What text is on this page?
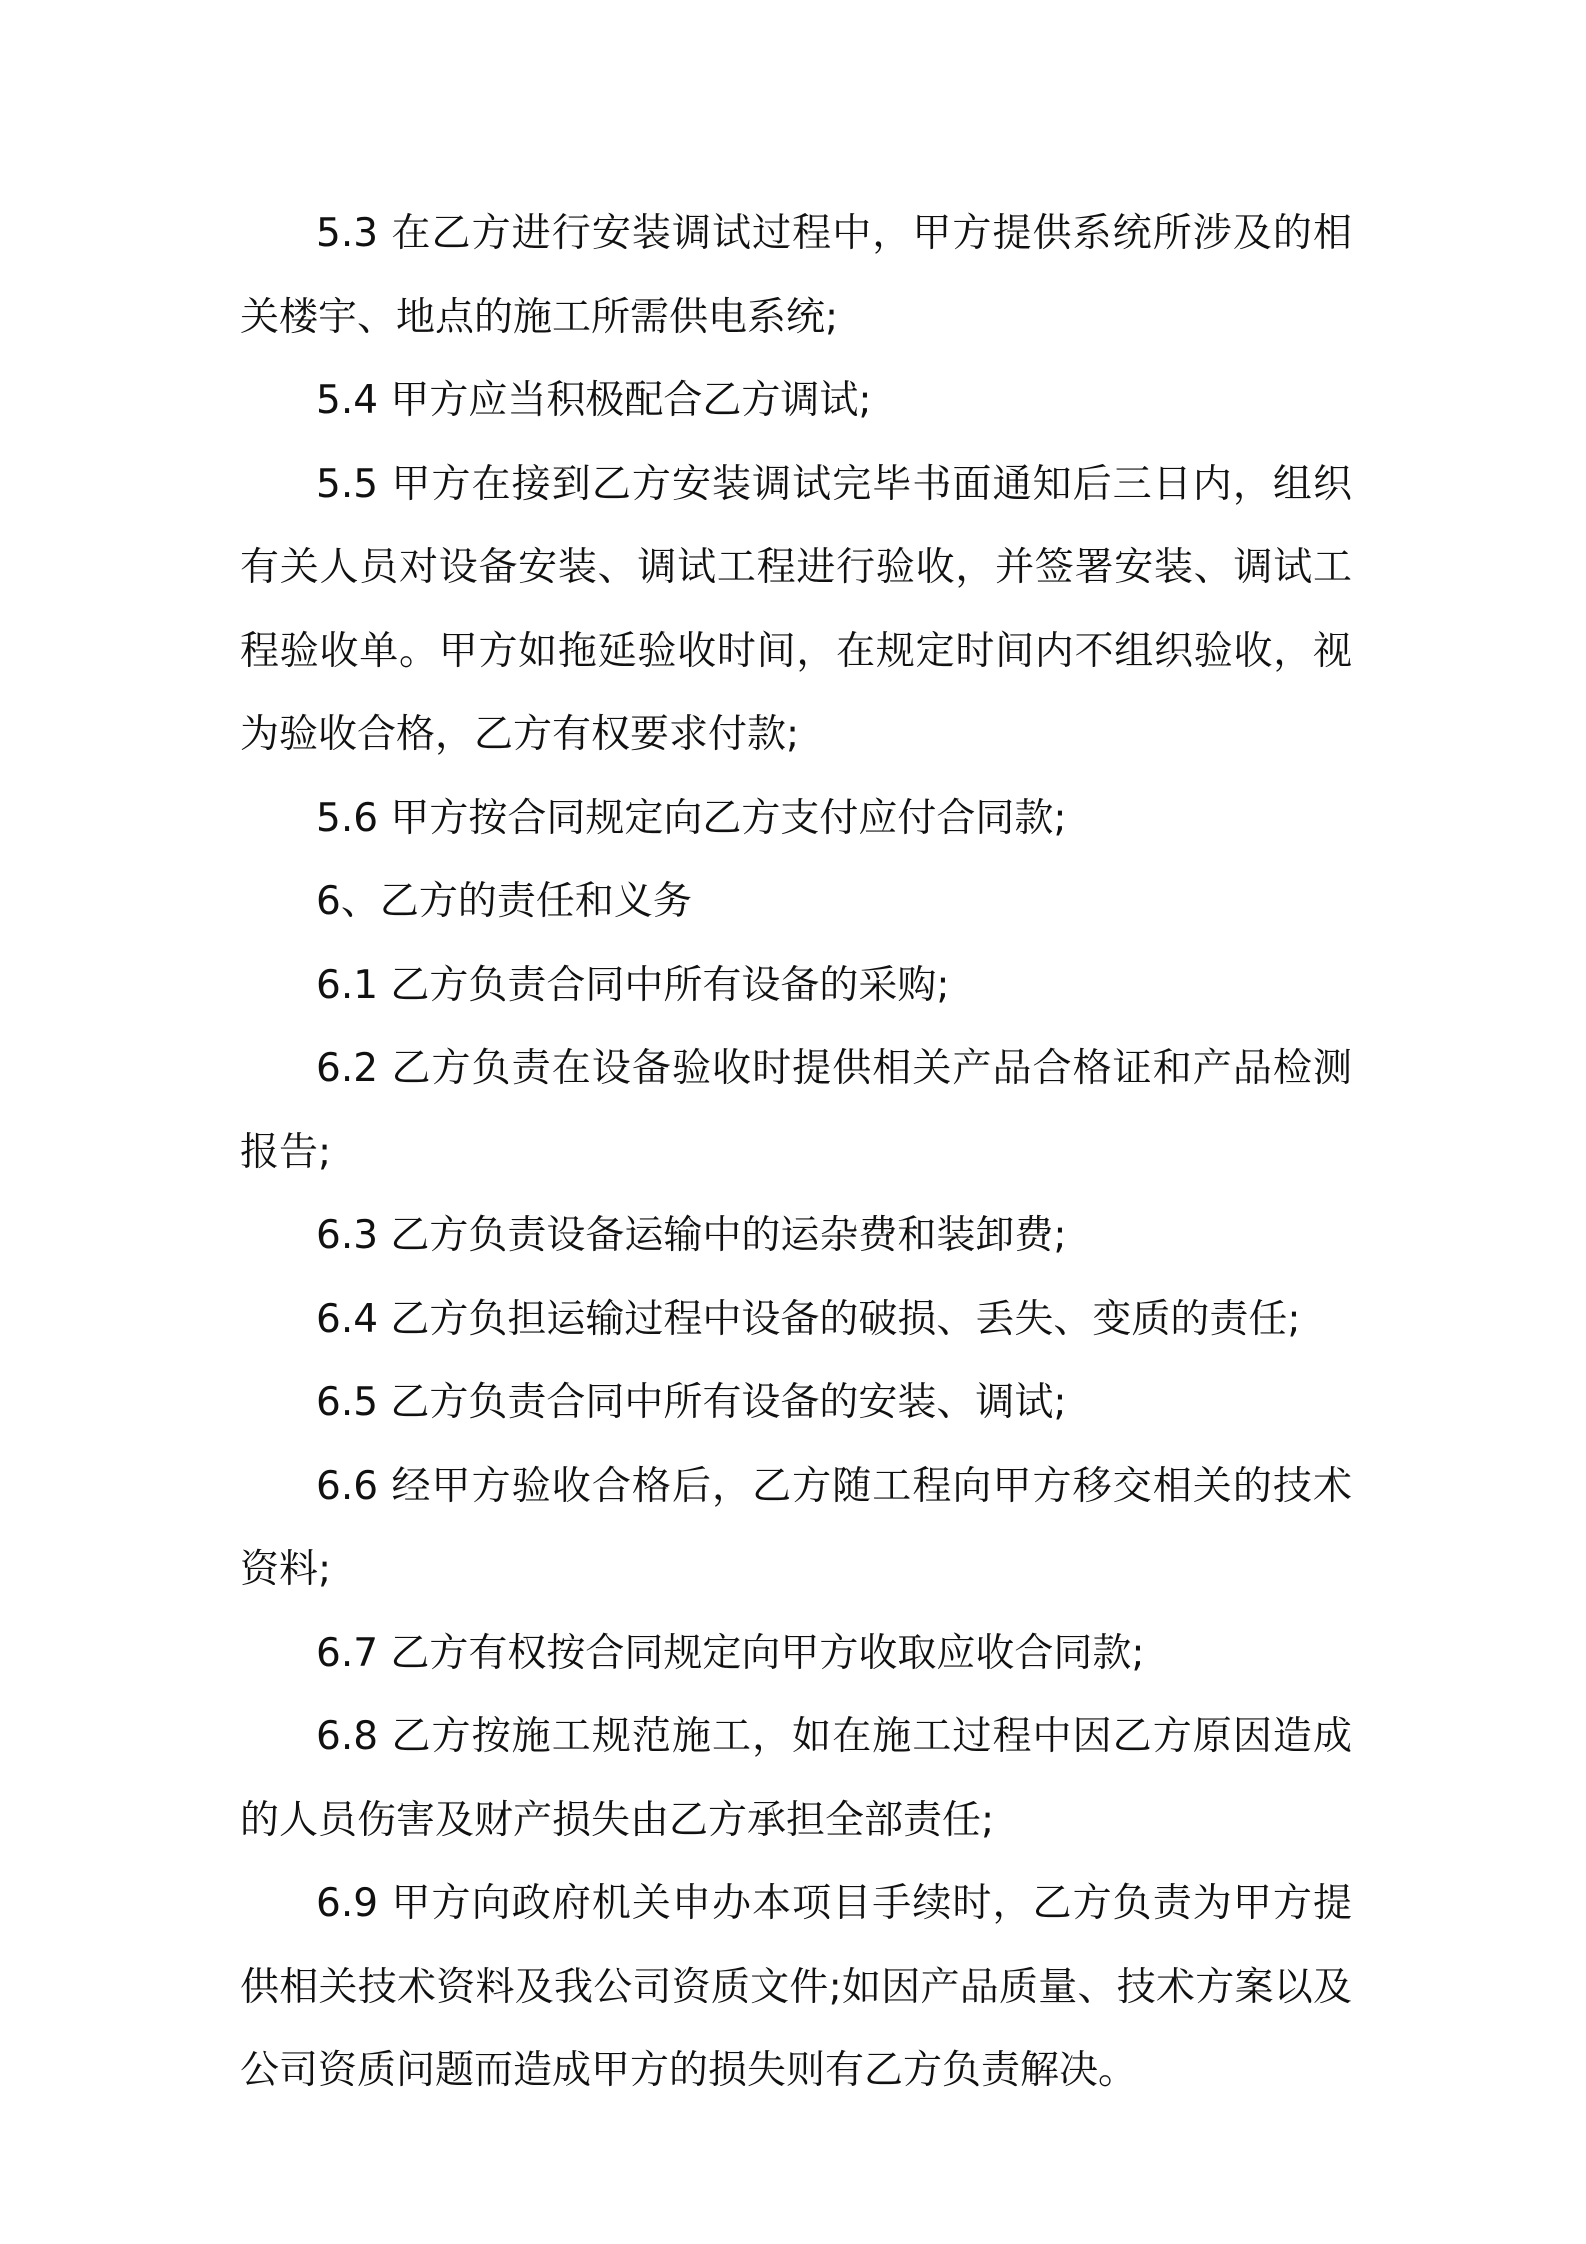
5.3 在乙方进行安装调试过程中，甲方提供系统所涉及的相关楼宇、地点的施工所需供电系统;

5.4 甲方应当积极配合乙方调试;

5.5 甲方在接到乙方安装调试完毕书面通知后三日内，组织有关人员对设备安装、调试工程进行验收，并签署安装、调试工程验收单。甲方如拖延验收时间，在规定时间内不组织验收，视为验收合格，乙方有权要求付款;

5.6 甲方按合同规定向乙方支付应付合同款;

6、乙方的责任和义务

6.1 乙方负责合同中所有设备的采购;

6.2 乙方负责在设备验收时提供相关产品合格证和产品检测报告;

6.3 乙方负责设备运输中的运杂费和装卸费;

6.4 乙方负担运输过程中设备的破损、丢失、变质的责任;

6.5 乙方负责合同中所有设备的安装、调试;

6.6 经甲方验收合格后，乙方随工程向甲方移交相关的技术资料;

6.7 乙方有权按合同规定向甲方收取应收合同款;

6.8 乙方按施工规范施工，如在施工过程中因乙方原因造成的人员伤害及财产损失由乙方承担全部责任;

6.9 甲方向政府机关申办本项目手续时，乙方负责为甲方提供相关技术资料及我公司资质文件;如因产品质量、技术方案以及公司资质问题而造成甲方的损失则有乙方负责解决。
